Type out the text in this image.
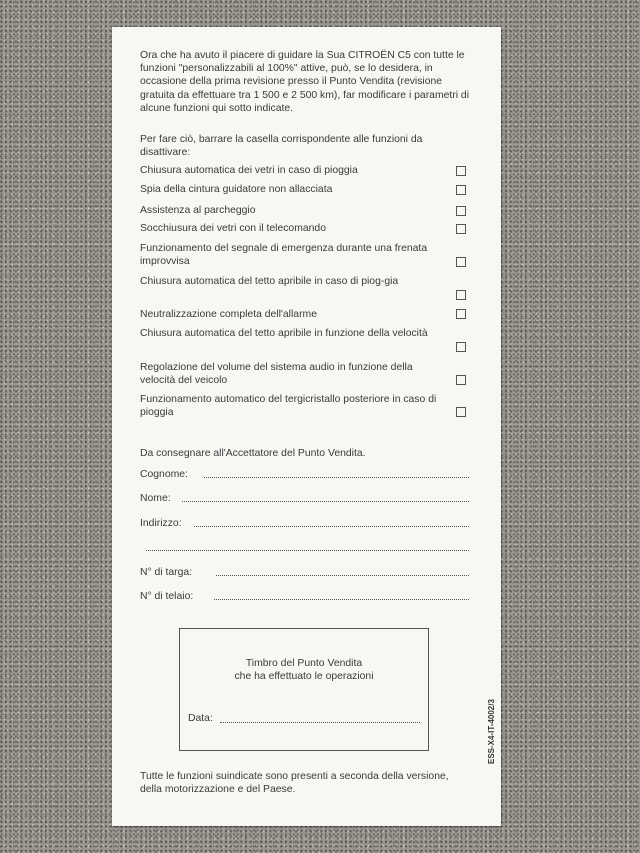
Ora che ha avuto il piacere di guidare la Sua CITROËN C5 con tutte le funzioni "personalizzabili al 100%" attive, può, se lo desidera, in occasione della prima revisione presso il Punto Vendita (revisione gratuita da effettuare tra 1 500 e 2 500 km), far modificare i parametri di alcune funzioni qui sotto indicate.

Per fare ciò, barrare la casella corrispondente alle funzioni da disattivare:

Chiusura automatica dei vetri in caso di pioggia
Spia della cintura guidatore non allacciata
Assistenza al parcheggio
Socchiusura dei vetri con il telecomando
Funzionamento del segnale di emergenza durante una frenata improvvisa
Chiusura automatica del tetto apribile in caso di piog-gia
Neutralizzazione completa dell'allarme
Chiusura automatica del tetto apribile in funzione della velocità
Regolazione del volume del sistema audio in funzione della velocità del veicolo
Funzionamento automatico del tergicristallo posteriore in caso di pioggia
Da consegnare all'Accettatore del Punto Vendita.
Cognome:
Nome:
Indirizzo:
N° di targa:
N° di telaio:

Timbro del Punto Vendita
che ha effettuato le operazioni

Data:

Tutte le funzioni suindicate sono presenti a seconda della versione, della motorizzazione e del Paese.

ESS-X4-IT-4002/3
